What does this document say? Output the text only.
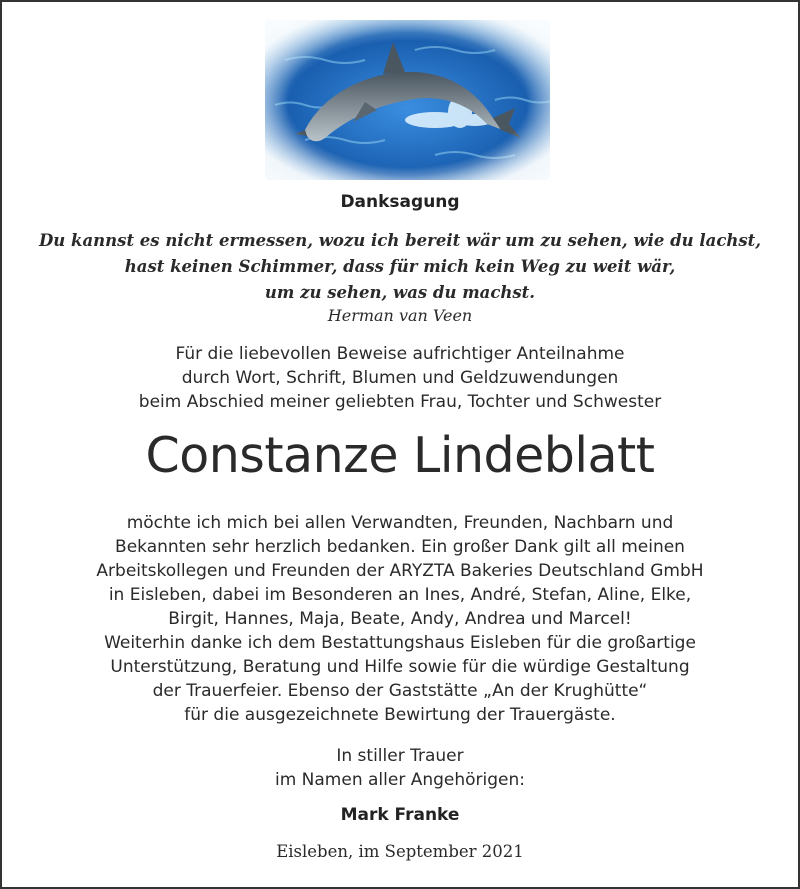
Danksagung
Du kannst es nicht ermessen, wozu ich bereit wär um zu sehen, wie du lachst,
hast keinen Schimmer, dass für mich kein Weg zu weit wär,
um zu sehen, was du machst.
Herman van Veen
Für die liebevollen Beweise aufrichtiger Anteilnahme
durch Wort, Schrift, Blumen und Geldzuwendungen
beim Abschied meiner geliebten Frau, Tochter und Schwester
Constanze Lindeblatt
möchte ich mich bei allen Verwandten, Freunden, Nachbarn und
Bekannten sehr herzlich bedanken. Ein großer Dank gilt all meinen
Arbeitskollegen und Freunden der ARYZTA Bakeries Deutschland GmbH
in Eisleben, dabei im Besonderen an Ines, André, Stefan, Aline, Elke,
Birgit, Hannes, Maja, Beate, Andy, Andrea und Marcel!
Weiterhin danke ich dem Bestattungshaus Eisleben für die großartige
Unterstützung, Beratung und Hilfe sowie für die würdige Gestaltung
der Trauerfeier. Ebenso der Gaststätte „An der Krughütte“
für die ausgezeichnete Bewirtung der Trauergäste.
In stiller Trauer
im Namen aller Angehörigen:
Mark Franke
Eisleben, im September 2021
